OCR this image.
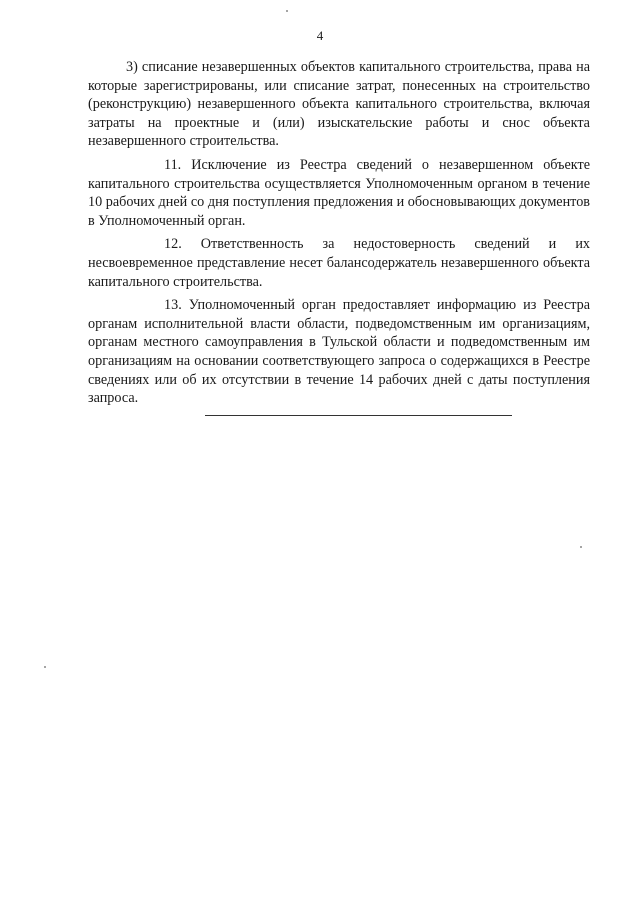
4

3) списание незавершенных объектов капитального строительства, права на которые зарегистрированы, или списание затрат, понесенных на строительство (реконструкцию) незавершенного объекта капитального строительства, включая затраты на проектные и (или) изыскательские работы и снос объекта незавершенного строительства.

11. Исключение из Реестра сведений о незавершенном объекте капитального строительства осуществляется Уполномоченным органом в течение 10 рабочих дней со дня поступления предложения и обосновывающих документов в Уполномоченный орган.

12. Ответственность за недостоверность сведений и их несвоевременное представление несет балансодержатель незавершенного объекта капитального строительства.

13. Уполномоченный орган предоставляет информацию из Реестра органам исполнительной власти области, подведомственным им организациям, органам местного самоуправления в Тульской области и подведомственным им организациям на основании соответствующего запроса о содержащихся в Реестре сведениях или об их отсутствии в течение 14 рабочих дней с даты поступления запроса.
